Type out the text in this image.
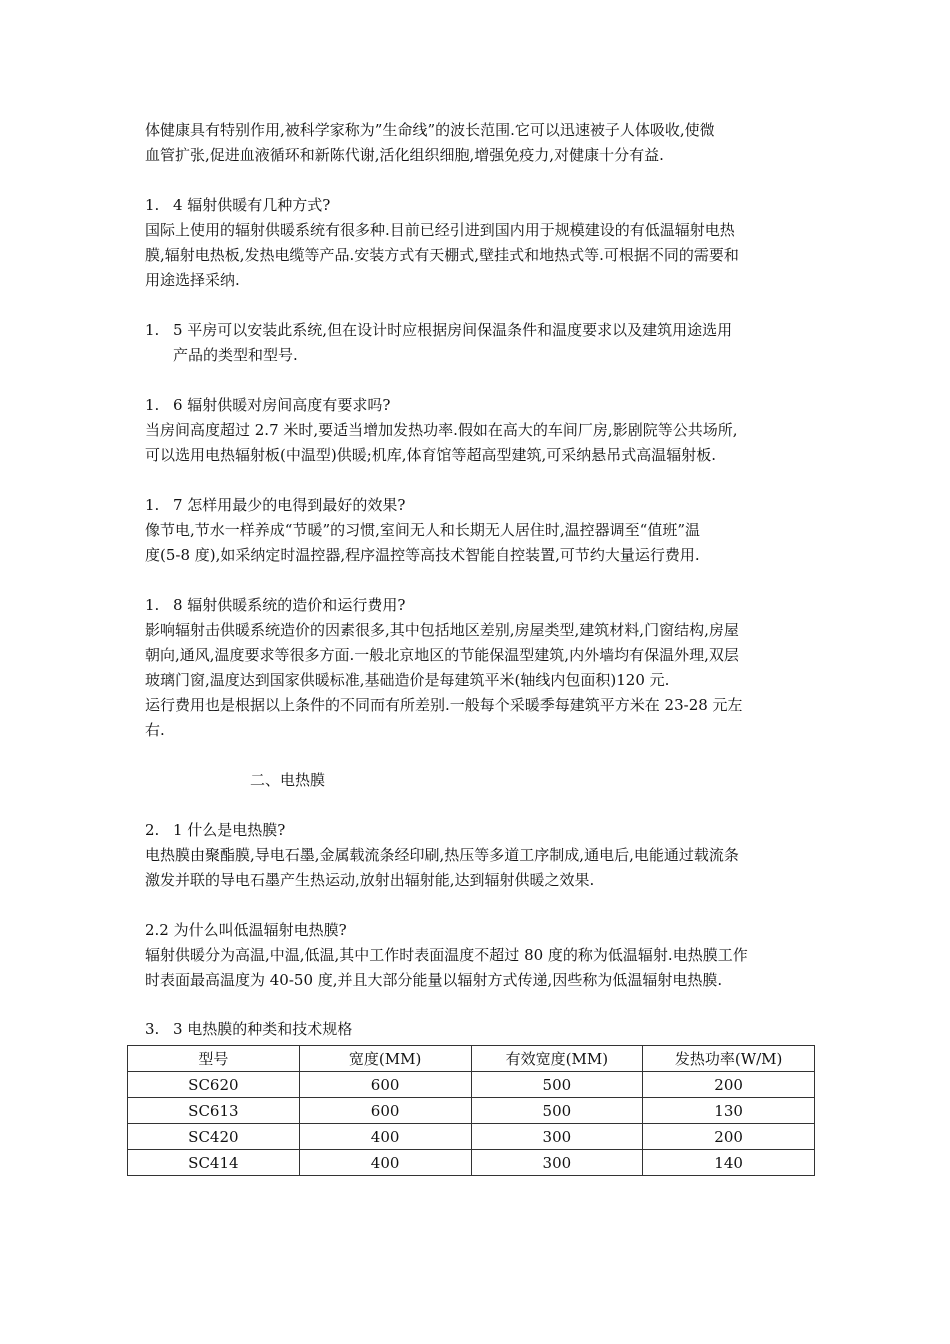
体健康具有特别作用,被科学家称为”生命线”的波长范围.它可以迅速被子人体吸收,使微

血管扩张,促进血液循环和新陈代谢,活化组织细胞,增强免疫力,对健康十分有益.

1. 4 辐射供暖有几种方式?

国际上使用的辐射供暖系统有很多种.目前已经引进到国内用于规模建设的有低温辐射电热

膜,辐射电热板,发热电缆等产品.安装方式有天棚式,壁挂式和地热式等.可根据不同的需要和

用途选择采纳.

1. 5 平房可以安装此系统,但在设计时应根据房间保温条件和温度要求以及建筑用途选用
产品的类型和型号.

1. 6 辐射供暖对房间高度有要求吗?

当房间高度超过 2.7 米时,要适当增加发热功率.假如在高大的车间厂房,影剧院等公共场所,

可以选用电热辐射板(中温型)供暖;机库,体育馆等超高型建筑,可采纳悬吊式高温辐射板.

1. 7 怎样用最少的电得到最好的效果?

像节电,节水一样养成“节暖”的习惯,室间无人和长期无人居住时,温控器调至“值班”温

度(5-8 度),如采纳定时温控器,程序温控等高技术智能自控装置,可节约大量运行费用.

1. 8 辐射供暖系统的造价和运行费用?

影响辐射击供暖系统造价的因素很多,其中包括地区差别,房屋类型,建筑材料,门窗结构,房屋

朝向,通风,温度要求等很多方面.一般北京地区的节能保温型建筑,内外墙均有保温外理,双层

玻璃门窗,温度达到国家供暖标准,基础造价是每建筑平米(轴线内包面积)120 元.

运行费用也是根据以上条件的不同而有所差别.一般每个采暖季每建筑平方米在 23-28 元左

右.

二、电热膜

2. 1 什么是电热膜?

电热膜由聚酯膜,导电石墨,金属载流条经印刷,热压等多道工序制成,通电后,电能通过载流条

激发并联的导电石墨产生热运动,放射出辐射能,达到辐射供暖之效果.

2.2 为什么叫低温辐射电热膜?

辐射供暖分为高温,中温,低温,其中工作时表面温度不超过 80 度的称为低温辐射.电热膜工作

时表面最高温度为 40-50 度,并且大部分能量以辐射方式传递,因些称为低温辐射电热膜.

3. 3 电热膜的种类和技术规格

型号	宽度(MM)	有效宽度(MM)	发热功率(W/M)
SC620	600	500	200
SC613	600	500	130
SC420	400	300	200
SC414	400	300	140
